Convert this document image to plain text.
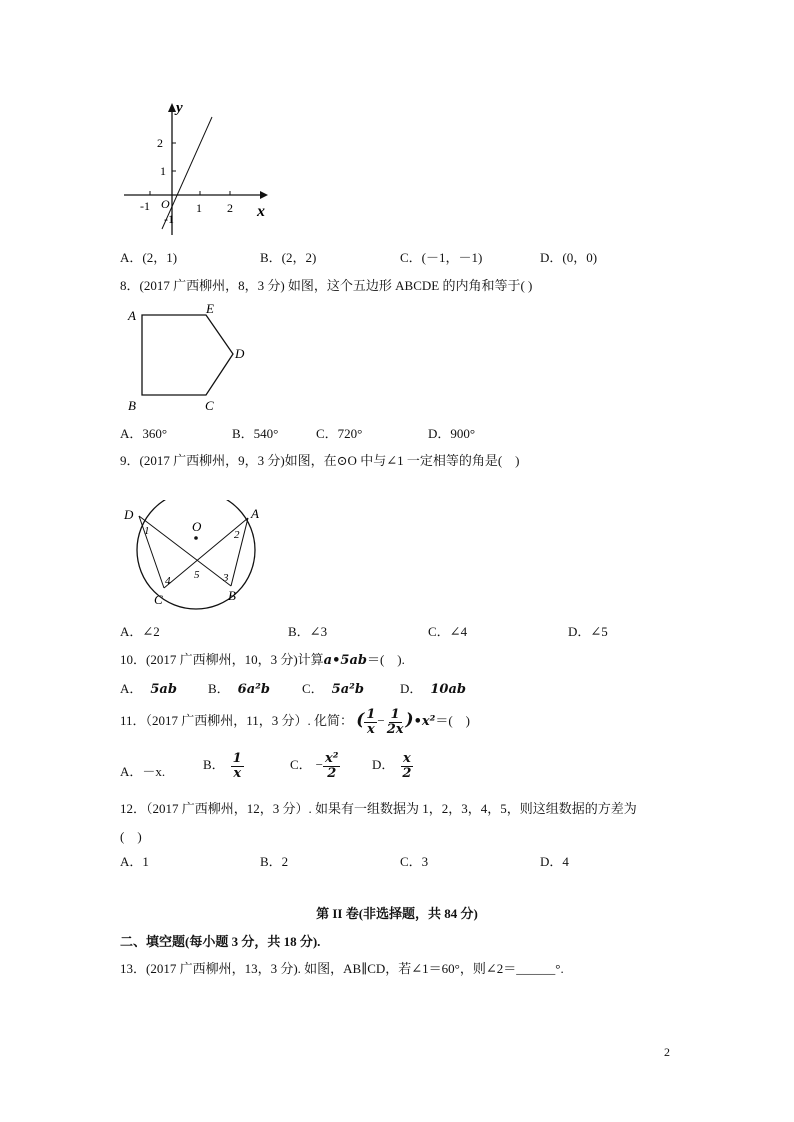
y
x
O
2
1
-1
-1	1 2
A．(2，1)	B．(2，2)	C．(－1，－1)	D．(0，0)
8．(2017 广西柳州，8，3 分) 如图，这个五边形 ABCDE 的内角和等于( )
A	E
D
C
B
A．360°	B．540°	C．720°	D．900°
9．(2017 广西柳州，9，3 分)如图，在⊙O 中与∠1 一定相等的角是(　)
D	A
C	B
O
1	2
3
4 5
A．∠2	B．∠3	C．∠4	D．∠5
10．(2017 广西柳州，10，3 分)计算a•5ab＝(　).
A． 5ab B． 6a²b C． 5a²b	D． 10ab
11．（2017 广西柳州，11，3 分）. 化简： ( $\frac{1}{x} - \frac{1}{2x}$ )•x²＝(　)
A．－x.	B． $\frac{1}{x}$	C． − $\frac{\text{x²}}{2}$ D． $\frac{x}{2}$
12．（2017 广西柳州，12，3 分）. 如果有一组数据为 1，2，3，4，5，则这组数据的方差为
(　)
A．1	B．2	C．3	D．4
第 II 卷(非选择题，共 84 分)
二、填空题(每小题 3 分，共 18 分).
13．(2017 广西柳州，13，3 分). 如图，AB∥CD，若∠1＝60°，则∠2＝______°.
2
